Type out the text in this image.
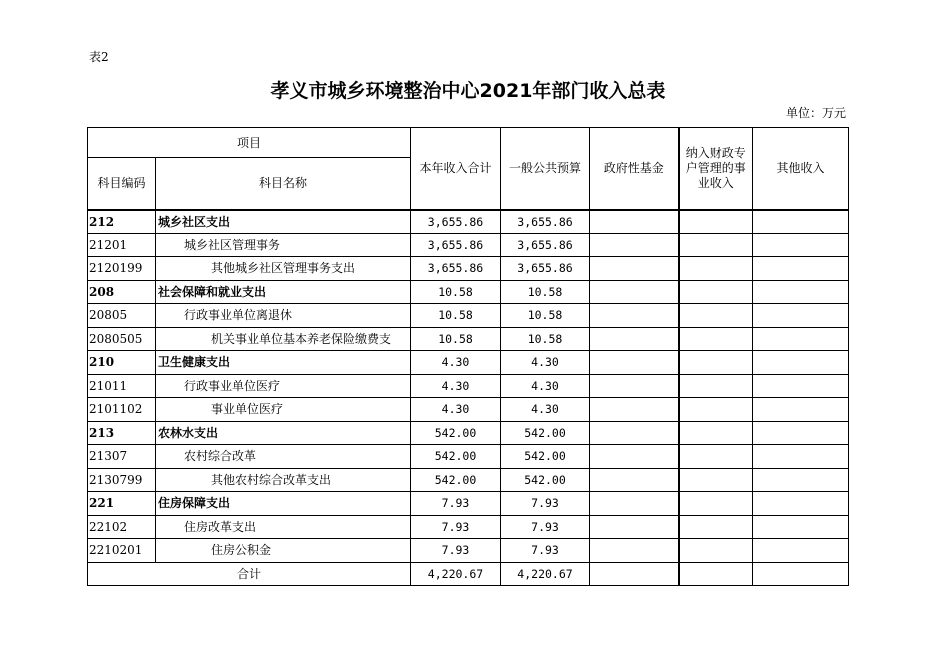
表2
孝义市城乡环境整治中心2021年部门收入总表
单位：万元
项目		本年收入合计	一般公共预算	政府性基金	纳入财政专户管理的事业收入	其他收入
科目编码	科目名称					
212	城乡社区支出	3,655.86	3,655.86			
21201	城乡社区管理事务	3,655.86	3,655.86			
2120199	其他城乡社区管理事务支出	3,655.86	3,655.86			
208	社会保障和就业支出	10.58	10.58			
20805	行政事业单位离退休	10.58	10.58			
2080505	机关事业单位基本养老保险缴费支	10.58	10.58			
210	卫生健康支出	4.30	4.30			
21011	行政事业单位医疗	4.30	4.30			
2101102	事业单位医疗	4.30	4.30			
213	农林水支出	542.00	542.00			
21307	农村综合改革	542.00	542.00			
2130799	其他农村综合改革支出	542.00	542.00			
221	住房保障支出	7.93	7.93			
22102	住房改革支出	7.93	7.93			
2210201	住房公积金	7.93	7.93			
合计		4,220.67	4,220.67			
